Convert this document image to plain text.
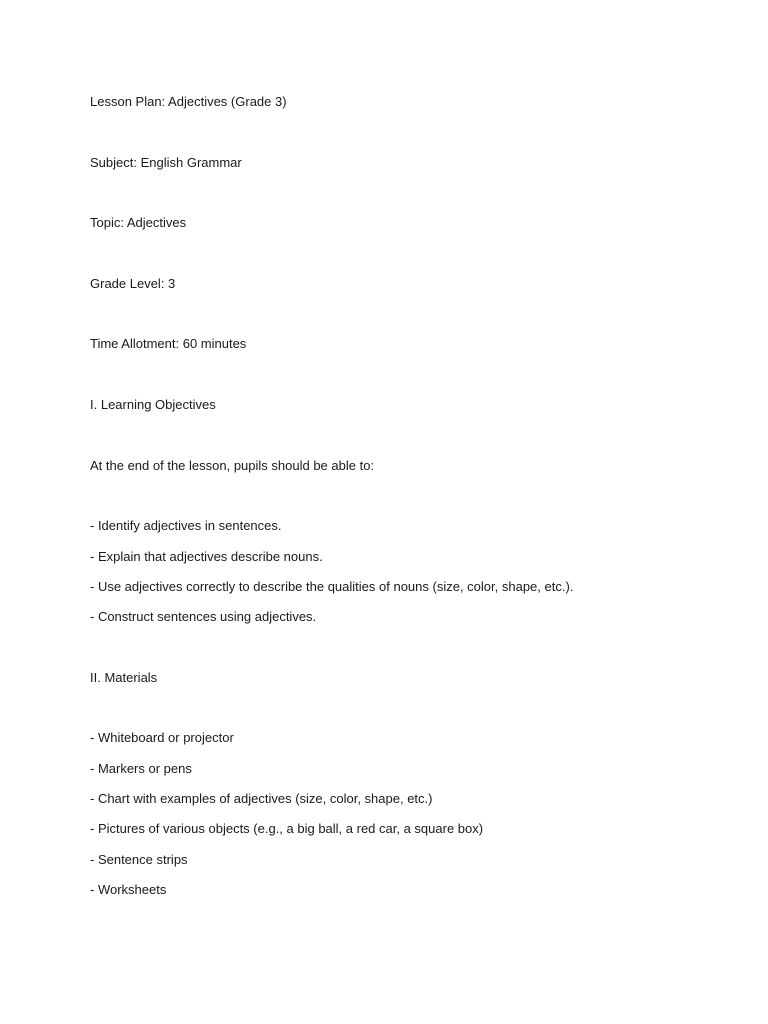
Lesson Plan: Adjectives (Grade 3)
Subject: English Grammar
Topic: Adjectives
Grade Level: 3
Time Allotment: 60 minutes
I. Learning Objectives
At the end of the lesson, pupils should be able to:
- Identify adjectives in sentences.
- Explain that adjectives describe nouns.
- Use adjectives correctly to describe the qualities of nouns (size, color, shape, etc.).
- Construct sentences using adjectives.
II. Materials
- Whiteboard or projector
- Markers or pens
- Chart with examples of adjectives (size, color, shape, etc.)
- Pictures of various objects (e.g., a big ball, a red car, a square box)
- Sentence strips
- Worksheets
